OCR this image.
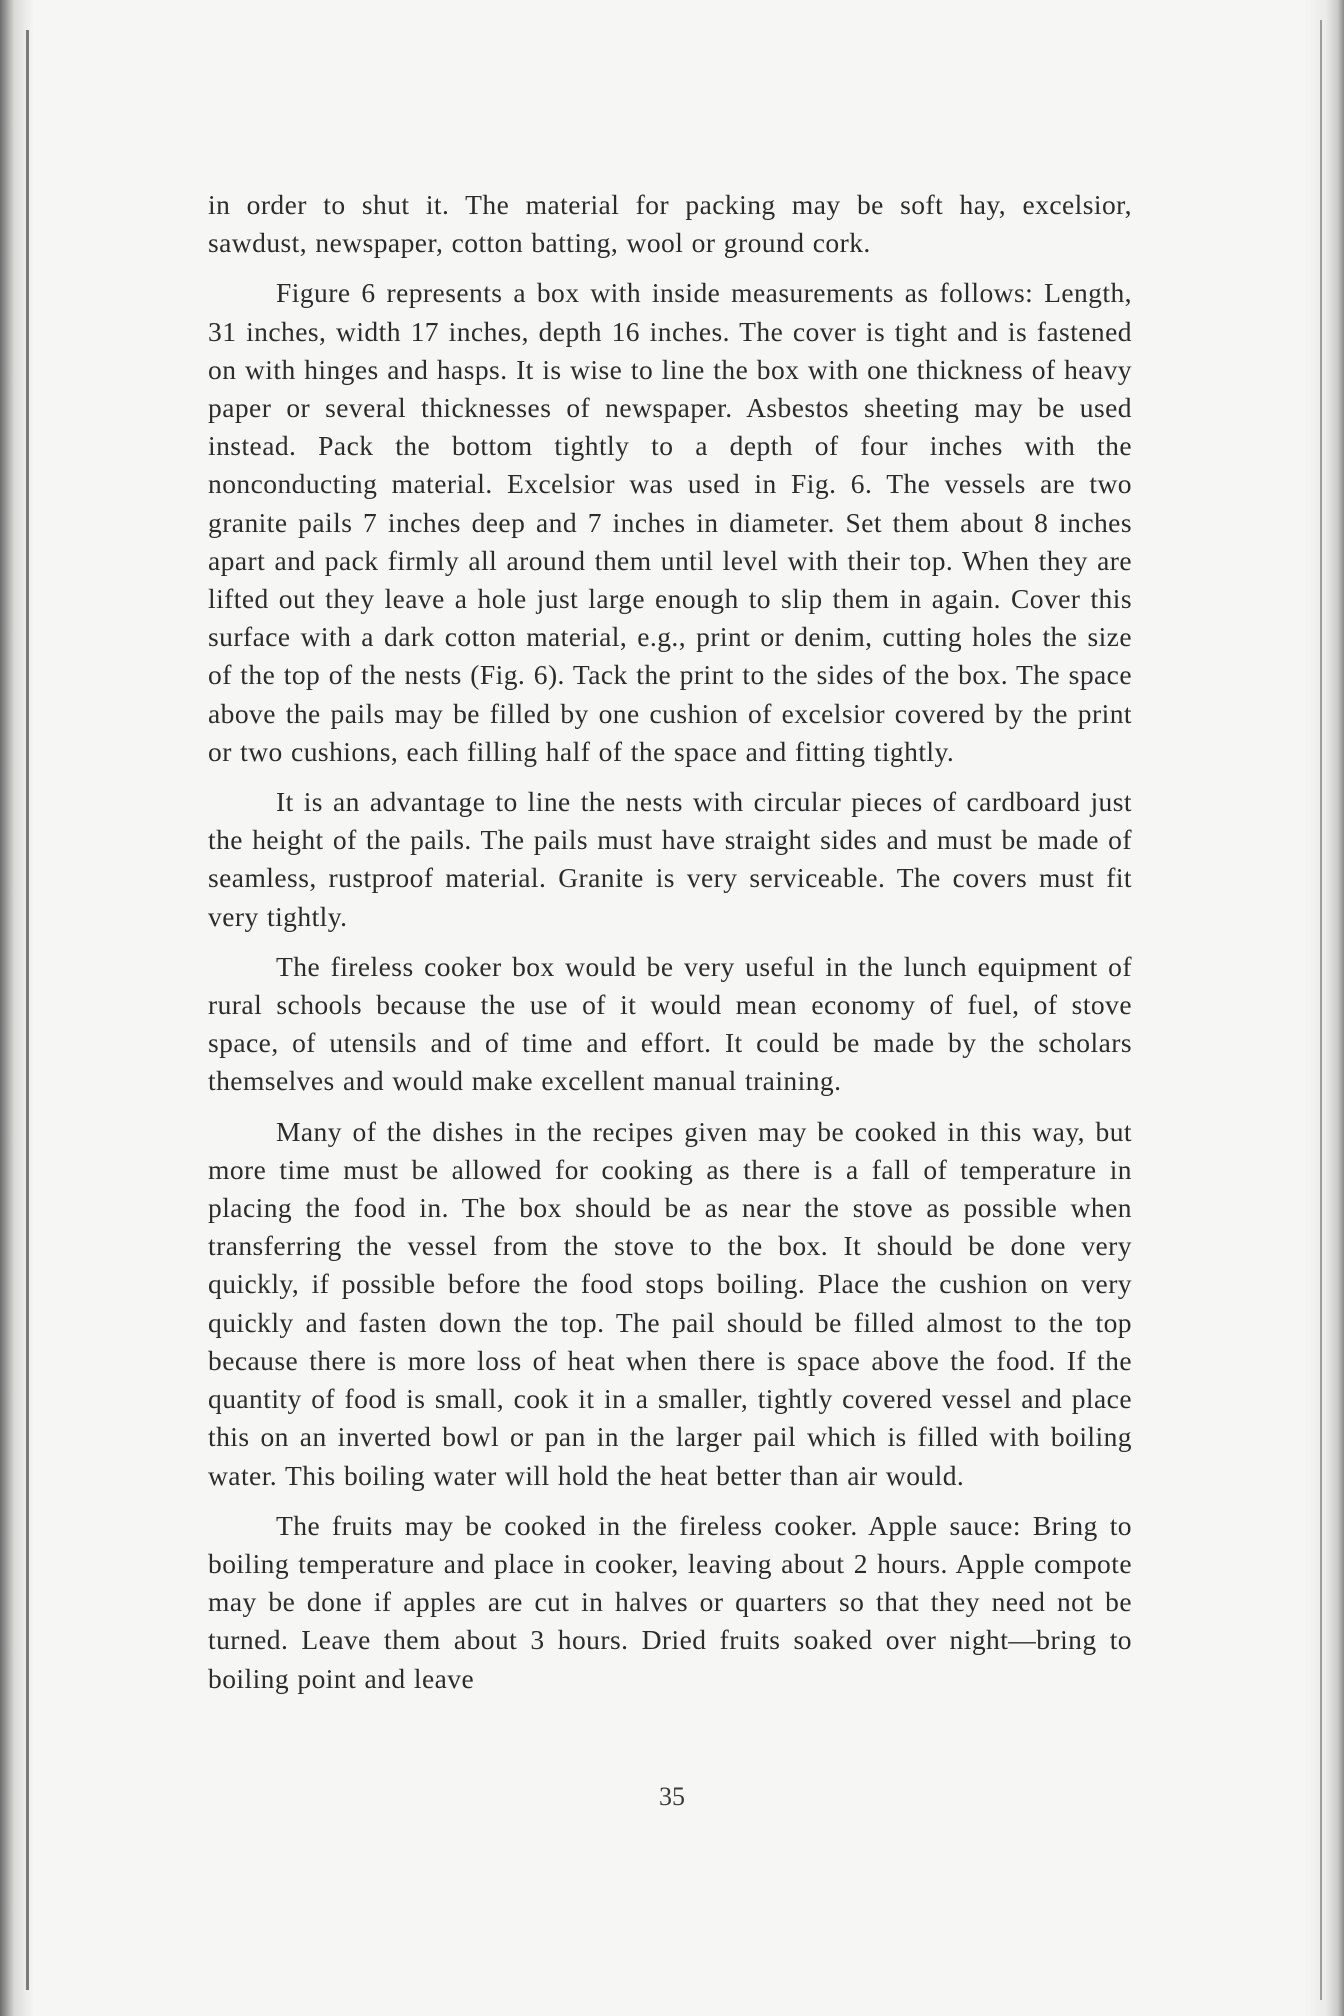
in order to shut it. The material for packing may be soft hay, excelsior, sawdust, newspaper, cotton batting, wool or ground cork.

Figure 6 represents a box with inside measurements as follows: Length, 31 inches, width 17 inches, depth 16 inches. The cover is tight and is fastened on with hinges and hasps. It is wise to line the box with one thickness of heavy paper or several thicknesses of newspaper. Asbestos sheeting may be used instead. Pack the bottom tightly to a depth of four inches with the nonconducting material. Excelsior was used in Fig. 6. The vessels are two granite pails 7 inches deep and 7 inches in diameter. Set them about 8 inches apart and pack firmly all around them until level with their top. When they are lifted out they leave a hole just large enough to slip them in again. Cover this surface with a dark cotton material, e.g., print or denim, cutting holes the size of the top of the nests (Fig. 6). Tack the print to the sides of the box. The space above the pails may be filled by one cushion of excelsior covered by the print or two cushions, each filling half of the space and fitting tightly.

It is an advantage to line the nests with circular pieces of cardboard just the height of the pails. The pails must have straight sides and must be made of seamless, rustproof material. Granite is very serviceable. The covers must fit very tightly.

The fireless cooker box would be very useful in the lunch equipment of rural schools because the use of it would mean economy of fuel, of stove space, of utensils and of time and effort. It could be made by the scholars themselves and would make excellent manual training.

Many of the dishes in the recipes given may be cooked in this way, but more time must be allowed for cooking as there is a fall of temperature in placing the food in. The box should be as near the stove as possible when transferring the vessel from the stove to the box. It should be done very quickly, if possible before the food stops boiling. Place the cushion on very quickly and fasten down the top. The pail should be filled almost to the top because there is more loss of heat when there is space above the food. If the quantity of food is small, cook it in a smaller, tightly covered vessel and place this on an inverted bowl or pan in the larger pail which is filled with boiling water. This boiling water will hold the heat better than air would.

The fruits may be cooked in the fireless cooker. Apple sauce: Bring to boiling temperature and place in cooker, leaving about 2 hours. Apple compote may be done if apples are cut in halves or quarters so that they need not be turned. Leave them about 3 hours. Dried fruits soaked over night—bring to boiling point and leave

35
